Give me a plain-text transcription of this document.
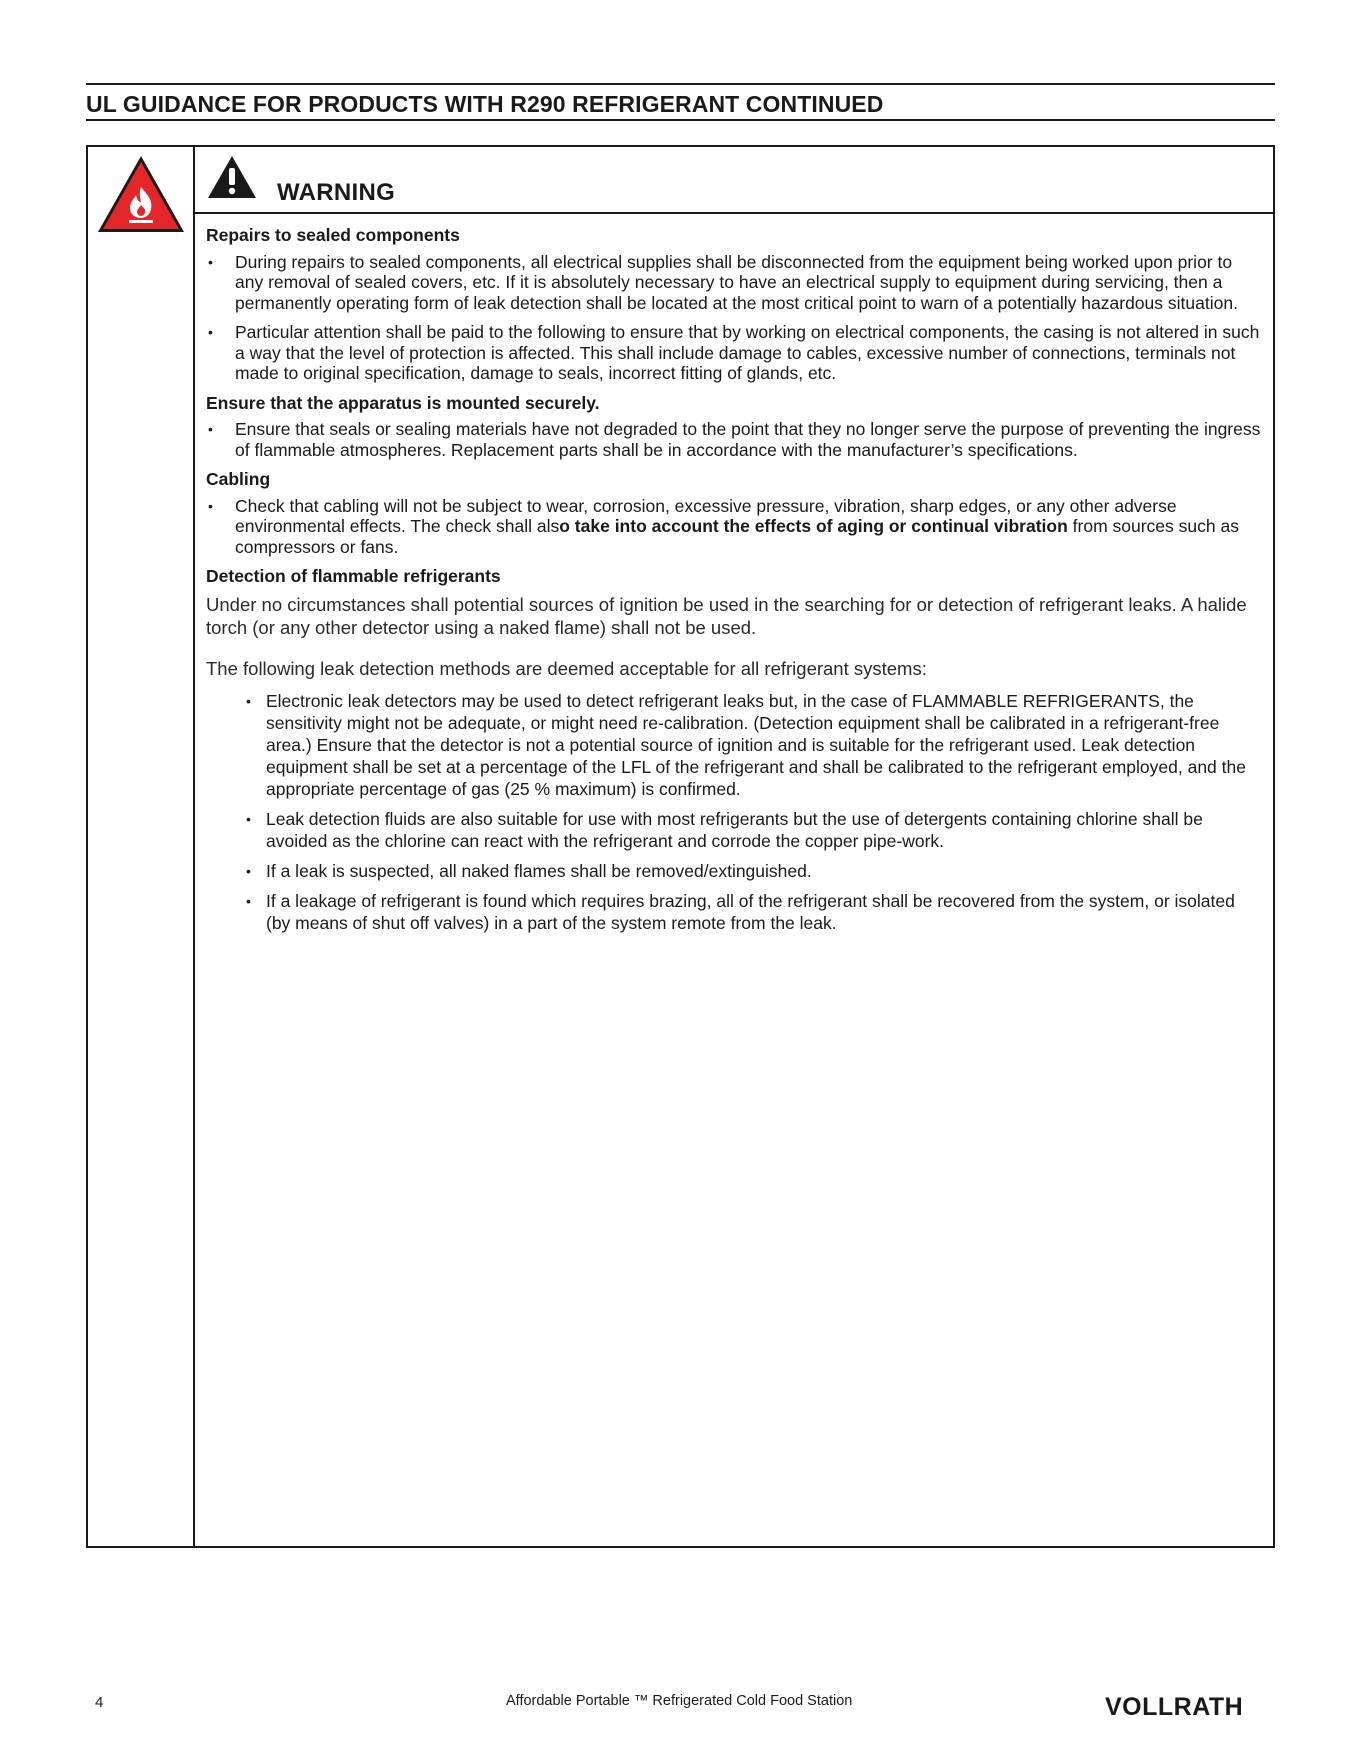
UL GUIDANCE FOR PRODUCTS WITH R290 REFRIGERANT CONTINUED
WARNING
Repairs to sealed components
• During repairs to sealed components, all electrical supplies shall be disconnected from the equipment being worked upon prior to any removal of sealed covers, etc. If it is absolutely necessary to have an electrical supply to equipment during servicing, then a permanently operating form of leak detection shall be located at the most critical point to warn of a potentially hazardous situation.
• Particular attention shall be paid to the following to ensure that by working on electrical components, the casing is not altered in such a way that the level of protection is affected. This shall include damage to cables, excessive number of connections, terminals not made to original specification, damage to seals, incorrect fitting of glands, etc.
Ensure that the apparatus is mounted securely.
• Ensure that seals or sealing materials have not degraded to the point that they no longer serve the purpose of preventing the ingress of flammable atmospheres. Replacement parts shall be in accordance with the manufacturer’s specifications.
Cabling
• Check that cabling will not be subject to wear, corrosion, excessive pressure, vibration, sharp edges, or any other adverse environmental effects. The check shall also take into account the effects of aging or continual vibration from sources such as compressors or fans.
Detection of flammable refrigerants

Under no circumstances shall potential sources of ignition be used in the searching for or detection of refrigerant leaks. A halide torch (or any other detector using a naked flame) shall not be used.

The following leak detection methods are deemed acceptable for all refrigerant systems:

• Electronic leak detectors may be used to detect refrigerant leaks but, in the case of FLAMMABLE REFRIGERANTS, the sensitivity might not be adequate, or might need re-calibration. (Detection equipment shall be calibrated in a refrigerant-free area.) Ensure that the detector is not a potential source of ignition and is suitable for the refrigerant used. Leak detection equipment shall be set at a percentage of the LFL of the refrigerant and shall be calibrated to the refrigerant employed, and the appropriate percentage of gas (25 % maximum) is confirmed.
• Leak detection fluids are also suitable for use with most refrigerants but the use of detergents containing chlorine shall be avoided as the chlorine can react with the refrigerant and corrode the copper pipe-work.
• If a leak is suspected, all naked flames shall be removed/extinguished.
• If a leakage of refrigerant is found which requires brazing, all of the refrigerant shall be recovered from the system, or isolated (by means of shut off valves) in a part of the system remote from the leak.
4	Affordable Portable ™ Refrigerated Cold Food Station	VOLLRATH
